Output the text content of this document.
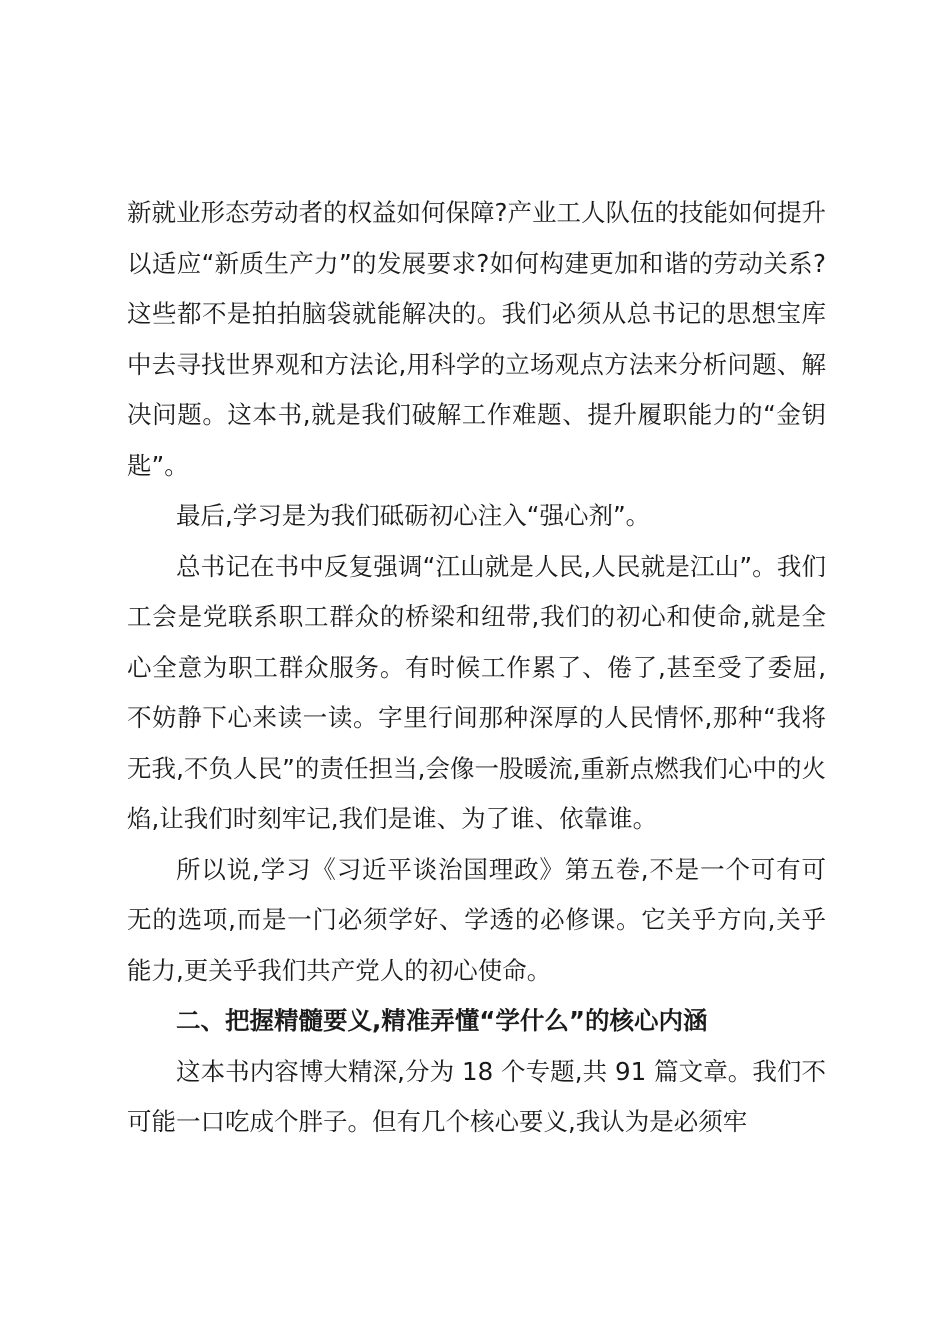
新就业形态劳动者的权益如何保障?产业工人队伍的技能如何提升以适应“新质生产力”的发展要求?如何构建更加和谐的劳动关系?这些都不是拍拍脑袋就能解决的。我们必须从总书记的思想宝库中去寻找世界观和方法论,用科学的立场观点方法来分析问题、解决问题。这本书,就是我们破解工作难题、提升履职能力的“金钥匙”。

最后,学习是为我们砥砺初心注入“强心剂”。

总书记在书中反复强调“江山就是人民,人民就是江山”。我们工会是党联系职工群众的桥梁和纽带,我们的初心和使命,就是全心全意为职工群众服务。有时候工作累了、倦了,甚至受了委屈,不妨静下心来读一读。字里行间那种深厚的人民情怀,那种“我将无我,不负人民”的责任担当,会像一股暖流,重新点燃我们心中的火焰,让我们时刻牢记,我们是谁、为了谁、依靠谁。

所以说,学习《习近平谈治国理政》第五卷,不是一个可有可无的选项,而是一门必须学好、学透的必修课。它关乎方向,关乎能力,更关乎我们共产党人的初心使命。

二、把握精髓要义,精准弄懂“学什么”的核心内涵

这本书内容博大精深,分为 18 个专题,共 91 篇文章。我们不可能一口吃成个胖子。但有几个核心要义,我认为是必须牢
